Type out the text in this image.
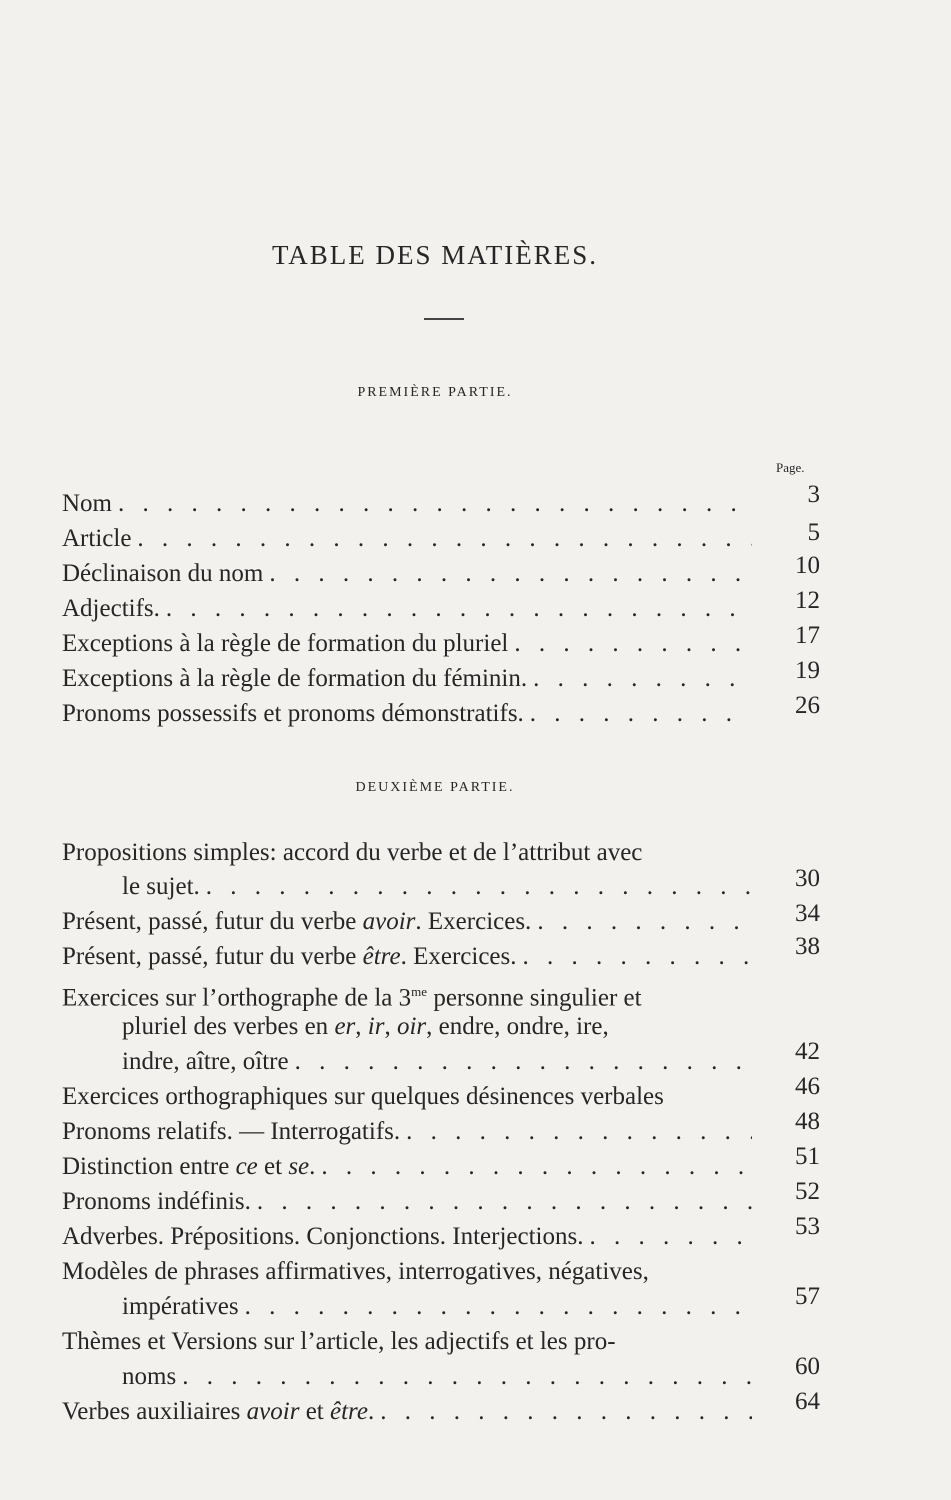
TABLE DES MATIÈRES.
PREMIÈRE PARTIE.
Page.
Nom . . .	3
Article . . .	5
Déclinaison du nom . . .	10
Adjectifs. . . .	12
Exceptions à la règle de formation du pluriel . . .	17
Exceptions à la règle de formation du féminin. . . .	19
Pronoms possessifs et pronoms démonstratifs. . . .	26
DEUXIÈME PARTIE.
Propositions simples: accord du verbe et de l’attribut avec
le sujet. . . .	30
Présent, passé, futur du verbe avoir. Exercices. . . .	34
Présent, passé, futur du verbe être. Exercices. . . .	38
Exercices sur l’orthographe de la $3^{me}$ personne singulier et
pluriel des verbes en er, ir, oir, endre, ondre, ire,
indre, aître, oître . . .	42
Exercices orthographiques sur quelques désinences verbales	46
Pronoms relatifs. — Interrogatifs. . . .	48
Distinction entre ce et se. . . .	51
Pronoms indéfinis. . . .	52
Adverbes. Prépositions. Conjonctions. Interjections. . . .	53
Modèles de phrases affirmatives, interrogatives, négatives,
impératives . . .	57
Thèmes et Versions sur l’article, les adjectifs et les pro-
noms . . .	60
Verbes auxiliaires avoir et être. . . .	64
